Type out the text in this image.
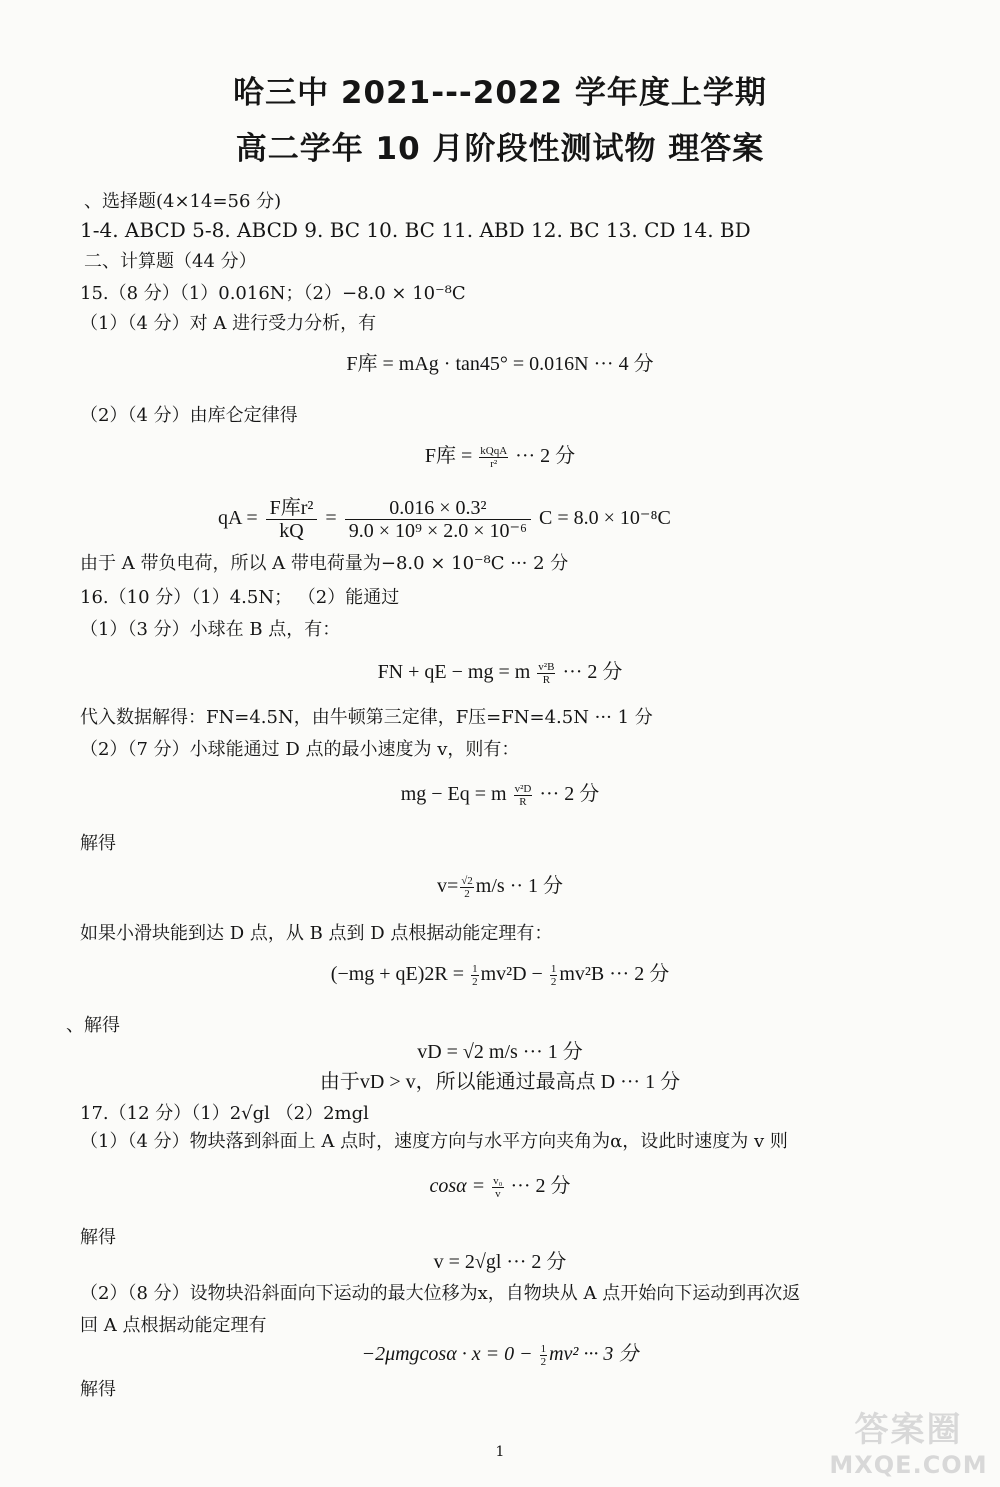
哈三中 2021---2022 学年度上学期
高二学年 10 月阶段性测试物 理答案
、选择题(4×14=56 分)
1-4. ABCD 5-8. ABCD 9. BC 10. BC 11. ABD 12. BC 13. CD 14. BD
二、计算题（44 分）
15.（8 分）（1）0.016N；（2）−8.0 × 10⁻⁸C
（1）（4 分）对 A 进行受力分析，有
F库 = mAg · tan45° = 0.016N ··· 4 分
（2）（4 分）由库仑定律得
F库 = kQqA
r² ··· 2 分
qA = $\frac{\text{F库r²}}{kQ} = \frac{\text{0.016 × 0.3²}}{\text{9.0 × 10⁹ × 2.0 × 10⁻⁶}}$ C = 8.0 × 10⁻⁸C
由于 A 带负电荷，所以 A 带电荷量为−8.0 × 10⁻⁸C ··· 2 分
16.（10 分）（1）4.5N； （2）能通过
（1）（3 分）小球在 B 点，有：
FN + qE − mg = m $\frac{\text{v²B}}{R}$ ··· 2 分
代入数据解得：FN=4.5N，由牛顿第三定律，F压=FN=4.5N ··· 1 分
（2）（7 分）小球能通过 D 点的最小速度为 v，则有：
mg − Eq = m $\frac{\text{v²D}}{R}$ ··· 2 分
解得
$v= \frac{√2}{2} m/s \cdot\cdot 1$ 分
如果小滑块能到达 D 点，从 B 点到 D 点根据动能定理有：
$(-mg + qE)2R = \frac{1}{2} mv^2D - \frac{1}{2} mv^2B$ ··· 2 分
、解得
vD = √2 m/s ··· 1 分
由于vD > v，所以能通过最高点 D ··· 1 分
17.（12 分）（1）2√gl （2）2mgl
（1）（4 分）物块落到斜面上 A 点时，速度方向与水平方向夹角为α，设此时速度为 v 则
$\cos\alpha = \frac{\text{v₀}}{v}$ ··· 2 分
解得
v = 2√gl ··· 2 分
（2）（8 分）设物块沿斜面向下运动的最大位移为x，自物块从 A 点开始向下运动到再次返
回 A 点根据动能定理有
$-2\mu mgcos\alpha \cdot x = 0 - \frac{1}{2} mv^2$ ··· 3 分
解得
1
答案圈
MXQE.COM
